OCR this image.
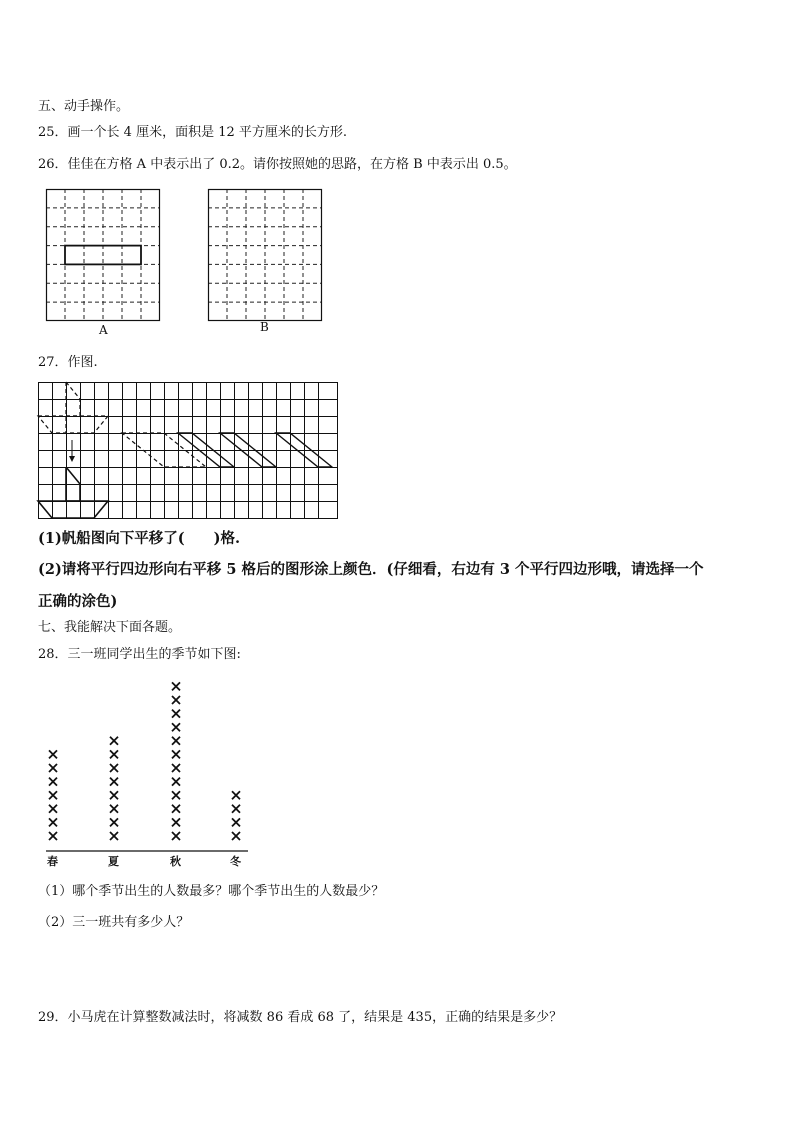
五、动手操作。
25．画一个长 4 厘米，面积是 12 平方厘米的长方形.
26．佳佳在方格 A 中表示出了 0.2。请你按照她的思路，在方格 B 中表示出 0.5。
A	B
27．作图.
(1)帆船图向下平移了(　　)格.
(2)请将平行四边形向右平移 5 格后的图形涂上颜色．(仔细看，右边有 3 个平行四边形哦，请选择一个
正确的涂色)
七、我能解决下面各题。
28．三一班同学出生的季节如下图:
春	夏	秋	冬
（1）哪个季节出生的人数最多？哪个季节出生的人数最少？
（2）三一班共有多少人？
29．小马虎在计算整数减法时，将减数 86 看成 68 了，结果是 435，正确的结果是多少？
